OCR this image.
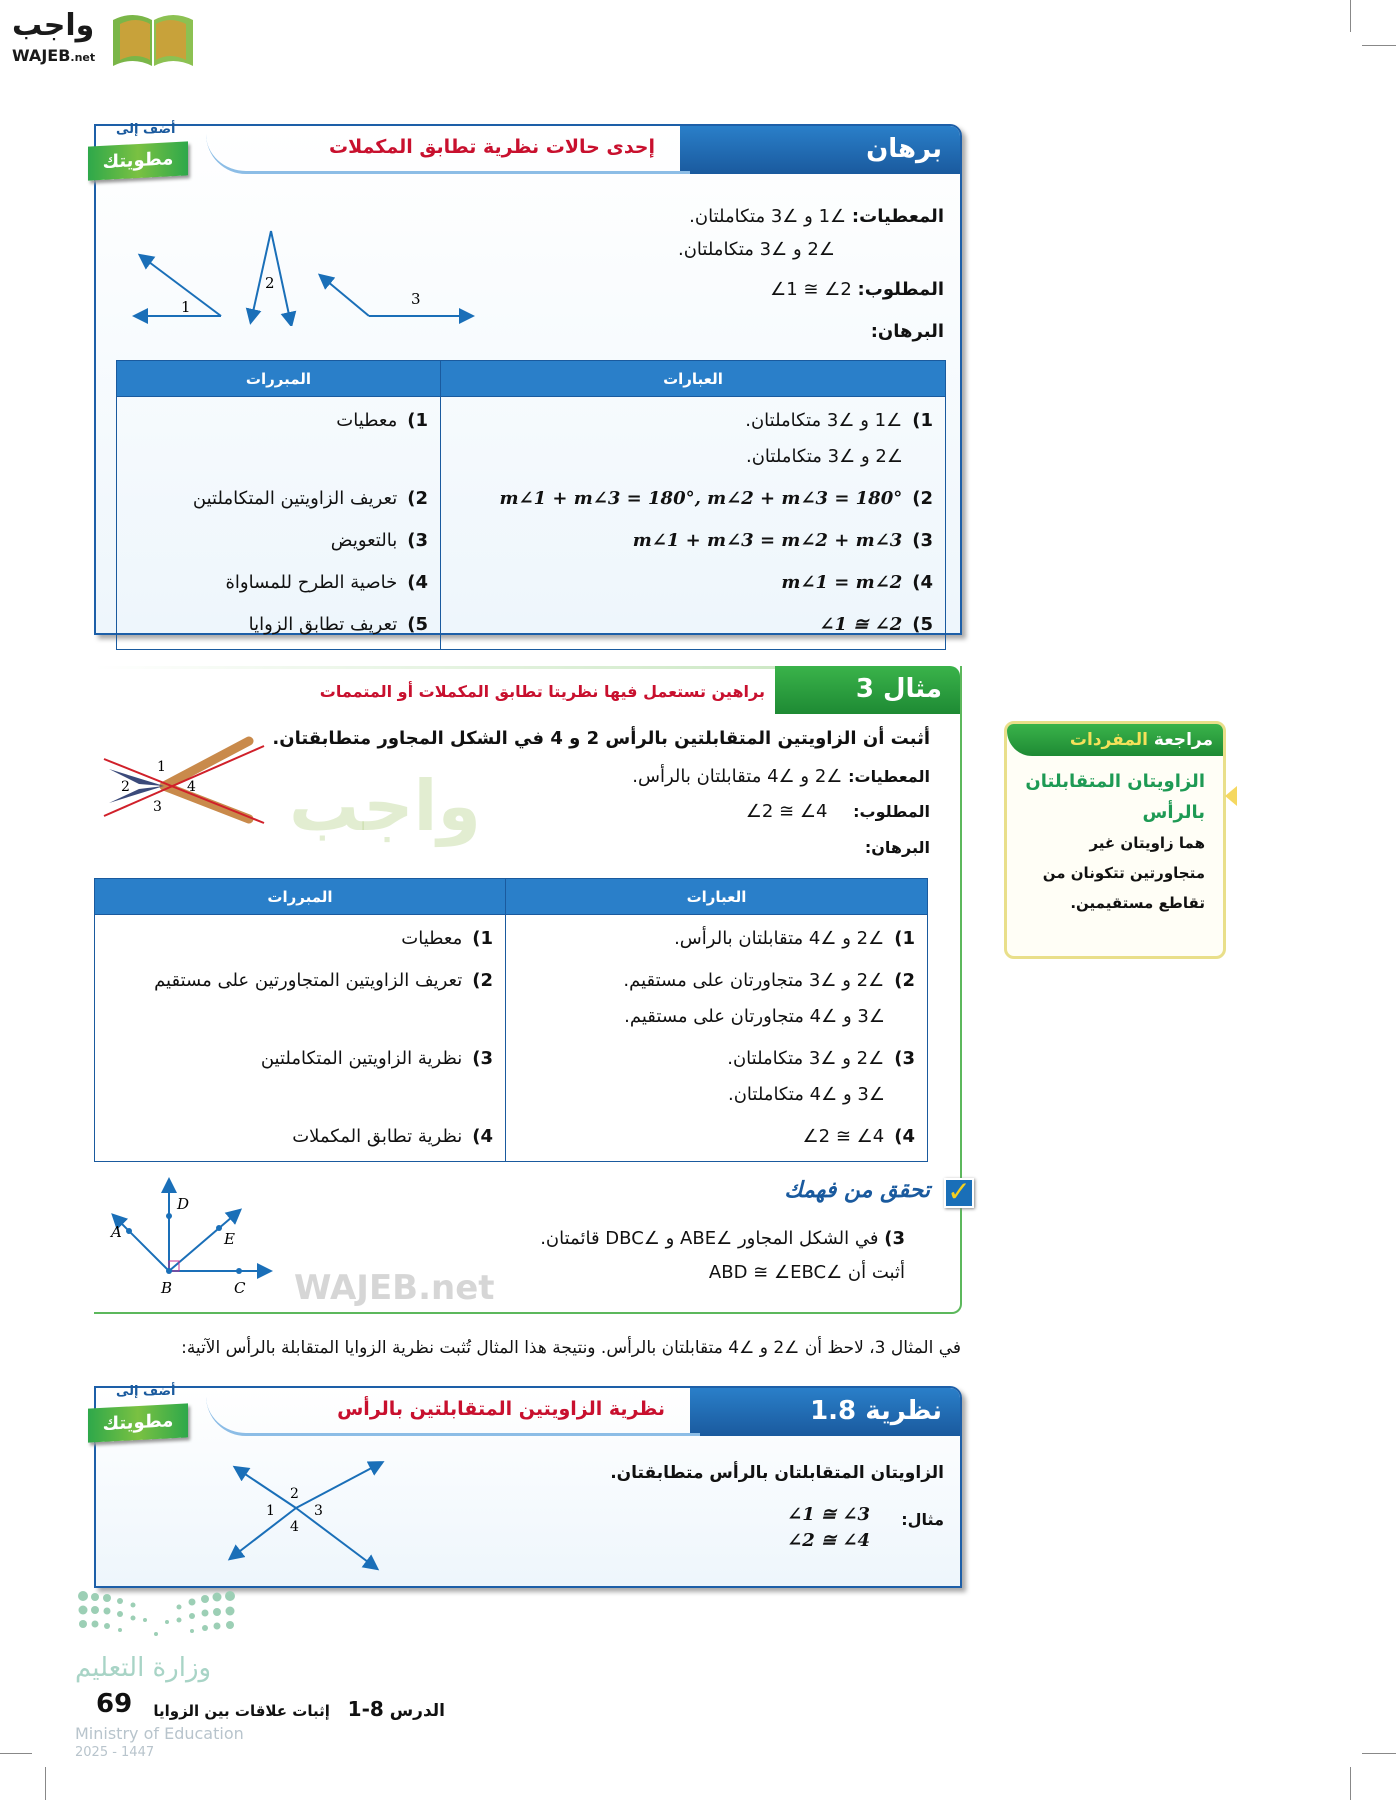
واجب
WAJEB.net
برهان
إحدى حالات نظرية تطابق المكملات
أضف إلى
مطويتك
1
2
3
المعطيات: ∠1 و ∠3 متكاملتان.
∠2 و ∠3 متكاملتان.
المطلوب: ∠1 ≅ ∠2
البرهان:
العبارات	المبررات
1)∠1 و ∠3 متكاملتان.
∠2 و ∠3 متكاملتان.	1)معطيات
2)m∠1 + m∠3 = 180°, m∠2 + m∠3 = 180°	2)تعريف الزاويتين المتكاملتين
3)m∠1 + m∠3 = m∠2 + m∠3	3)بالتعويض
4)m∠1 = m∠2	4)خاصية الطرح للمساواة
5)∠1 ≅ ∠2	5)تعريف تطابق الزوايا
مثال 3
براهين تستعمل فيها نظريتا تطابق المكملات أو المتممات
1
2
3
4
أثبت أن الزاويتين المتقابلتين بالرأس 2 و 4 في الشكل المجاور متطابقتان.
المعطيات: ∠2 و ∠4 متقابلتان بالرأس.
المطلوب: ∠2 ≅ ∠4
البرهان:
واجب
WAJEB.net
العبارات	المبررات
1)∠2 و ∠4 متقابلتان بالرأس.	1)معطيات
2)∠2 و ∠3 متجاورتان على مستقيم.
∠3 و ∠4 متجاورتان على مستقيم.	2)تعريف الزاويتين المتجاورتين على مستقيم
3)∠2 و ∠3 متكاملتان.
∠3 و ∠4 متكاملتان.	3)نظرية الزاويتين المتكاملتين
4)∠2 ≅ ∠4	4)نظرية تطابق المكملات
✓
تحقق من فهمك
3) في الشكل المجاور ∠ABE و ∠DBC قائمتان.
أثبت أن ∠ABD ≅ ∠EBC
A
B	C
D
E
مراجعة المفردات
الزاويتان المتقابلتان بالرأس
هما زاويتان غير متجاورتين تتكونان من تقاطع مستقيمين.
في المثال 3، لاحظ أن ∠2 و ∠4 متقابلتان بالرأس. ونتيجة هذا المثال تُثبت نظرية الزوايا المتقابلة بالرأس الآتية:
نظرية 1.8
نظرية الزاويتين المتقابلتين بالرأس
أضف إلى
مطويتك
الزاويتان المتقابلتان بالرأس متطابقتان.
مثال:
∠1 ≅ ∠3
∠2 ≅ ∠4
1
2
3
4
وزارة التعليم
69	الدرس 1-8   إثبات علاقات بين الزوايا
Ministry of Education
2025 - 1447
